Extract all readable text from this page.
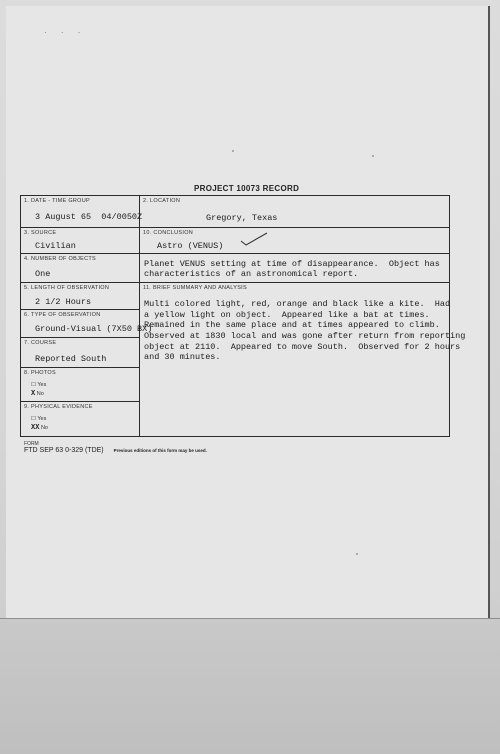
· · ·
PROJECT 10073 RECORD
1. DATE - TIME GROUP
3 August 65  04/0050Z
3. SOURCE
Civilian
4. NUMBER OF OBJECTS
One
5. LENGTH OF OBSERVATION
2 1/2 Hours
6. TYPE OF OBSERVATION
Ground-Visual (7X50 BX)
7. COURSE
Reported South
8. PHOTOS
☐ Yes
X No
9. PHYSICAL EVIDENCE
☐ Yes
XX No
2. LOCATION
Gregory, Texas
10. CONCLUSION
Astro (VENUS)
Planet VENUS setting at time of disappearance.  Object has
characteristics of an astronomical report.
11. BRIEF SUMMARY AND ANALYSIS
Multi colored light, red, orange and black like a kite.  Had
a yellow light on object.  Appeared like a bat at times.
Remained in the same place and at times appeared to climb.
Observed at 1830 local and was gone after return from reporting
object at 2110.  Appeared to move South.  Observed for 2 hours
and 30 minutes.
FORM
FTD SEP 63 0-329 (TDE) Previous editions of this form may be used.
